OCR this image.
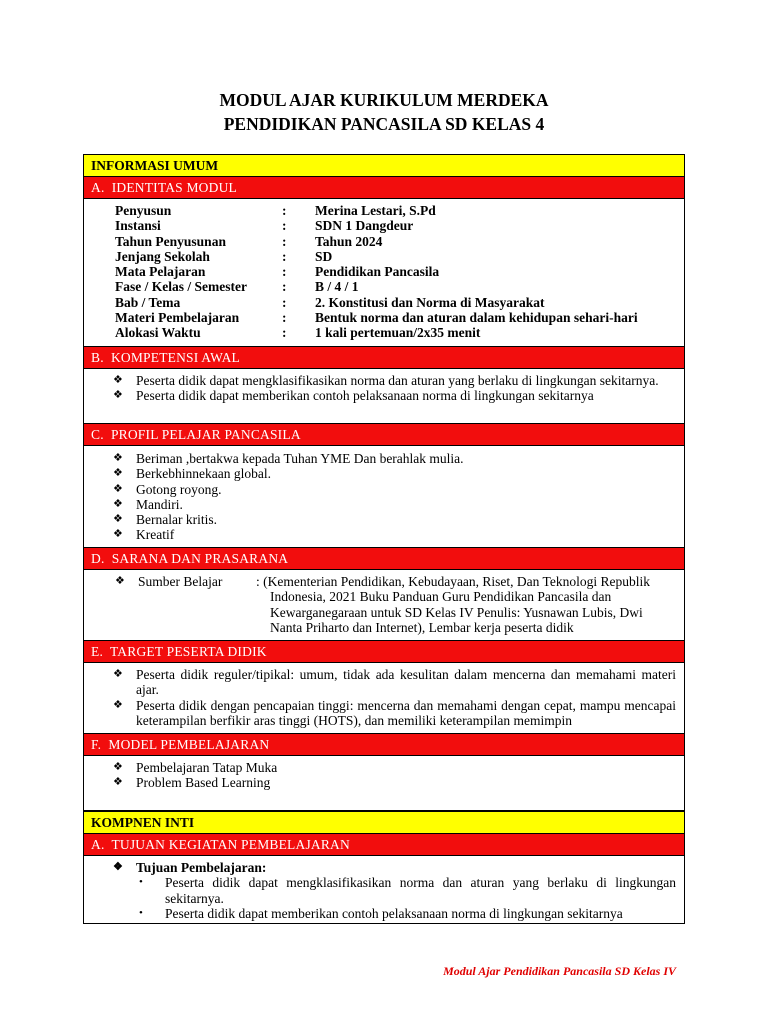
MODUL AJAR KURIKULUM MERDEKA
PENDIDIKAN PANCASILA SD KELAS 4
INFORMASI UMUM
A. IDENTITAS MODUL
Penyusun	:	Merina Lestari, S.Pd
Instansi	:	SDN 1 Dangdeur
Tahun Penyusunan	:	Tahun 2024
Jenjang Sekolah	:	SD
Mata Pelajaran	:	Pendidikan Pancasila
Fase / Kelas / Semester	:	B / 4 / 1
Bab / Tema	:	2. Konstitusi dan Norma di Masyarakat
Materi Pembelajaran	:	Bentuk norma dan aturan dalam kehidupan sehari-hari
Alokasi Waktu	:	1 kali pertemuan/2x35 menit
B. KOMPETENSI AWAL
❖ Peserta didik dapat mengklasifikasikan norma dan aturan yang berlaku di lingkungan sekitarnya.
❖ Peserta didik dapat memberikan contoh pelaksanaan norma di lingkungan sekitarnya
C. PROFIL PELAJAR PANCASILA
❖ Beriman ,bertakwa kepada Tuhan YME Dan berahlak mulia.
❖ Berkebhinnekaan global.
❖ Gotong royong.
❖ Mandiri.
❖ Bernalar kritis.
❖ Kreatif
D. SARANA DAN PRASARANA
❖ Sumber Belajar	: (Kementerian Pendidikan, Kebudayaan, Riset, Dan Teknologi Republik Indonesia, 2021 Buku Panduan Guru Pendidikan Pancasila dan Kewarganegaraan untuk SD Kelas IV Penulis: Yusnawan Lubis, Dwi Nanta Priharto dan Internet), Lembar kerja peserta didik
E. TARGET PESERTA DIDIK
❖ Peserta didik reguler/tipikal: umum, tidak ada kesulitan dalam mencerna dan memahami materi ajar.
❖ Peserta didik dengan pencapaian tinggi: mencerna dan memahami dengan cepat, mampu mencapai keterampilan berfikir aras tinggi (HOTS), dan memiliki keterampilan memimpin
F. MODEL PEMBELAJARAN
❖ Pembelajaran Tatap Muka
❖ Problem Based Learning
KOMPNEN INTI
A. TUJUAN KEGIATAN PEMBELAJARAN
❖ Tujuan Pembelajaran:
• Peserta didik dapat mengklasifikasikan norma dan aturan yang berlaku di lingkungan sekitarnya.
• Peserta didik dapat memberikan contoh pelaksanaan norma di lingkungan sekitarnya
Modul Ajar Pendidikan Pancasila SD Kelas IV
